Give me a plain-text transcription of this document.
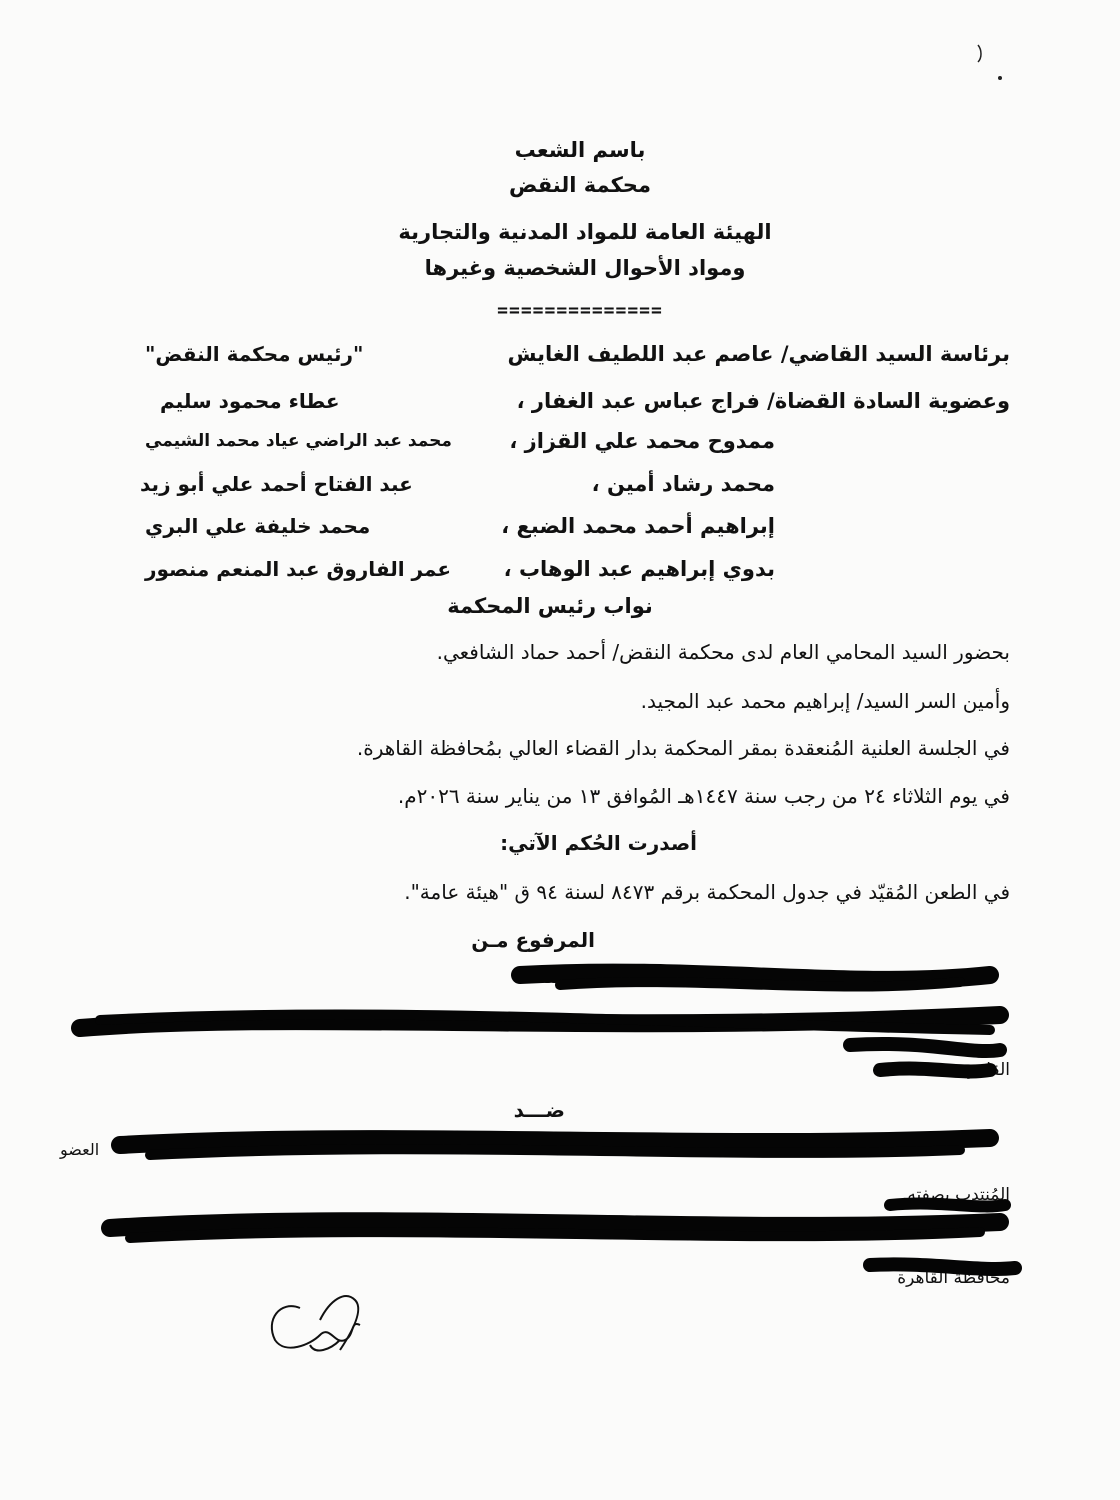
باسم الشعب
محكمة النقض
الهيئة العامة للمواد المدنية والتجارية
ومواد الأحوال الشخصية وغيرها
==============
برئاسة السيد القاضي/ عاصم عبد اللطيف الغايش
"رئيس محكمة النقض"
وعضوية السادة القضاة/ فراج عباس عبد الغفار ،
عطاء محمود سليم
ممدوح محمد علي القزاز ،
محمد عبد الراضي عياد محمد الشيمي
محمد رشاد أمين ،
عبد الفتاح أحمد علي أبو زيد
إبراهيم أحمد محمد الضبع ،
محمد خليفة علي البري
بدوي إبراهيم عبد الوهاب ،
عمر الفاروق عبد المنعم منصور
نواب رئيس المحكمة
بحضور السيد المحامي العام لدى محكمة النقض/ أحمد حماد الشافعي.
وأمين السر السيد/ إبراهيم محمد عبد المجيد.
في الجلسة العلنية المُنعقدة بمقر المحكمة بدار القضاء العالي بمُحافظة القاهرة.
في يوم الثلاثاء ٢٤ من رجب سنة ١٤٤٧هـ المُوافق ١٣ من يناير سنة ٢٠٢٦م.
أصدرت الحُكم الآتي:
في الطعن المُقيّد في جدول المحكمة برقم ٨٤٧٣ لسنة ٩٤ ق "هيئة عامة".
المرفوع مـن
بصفته.
القاهرة.
ضـــد
العضو
المُنتدب بصفته.
محافظة القاهرة
